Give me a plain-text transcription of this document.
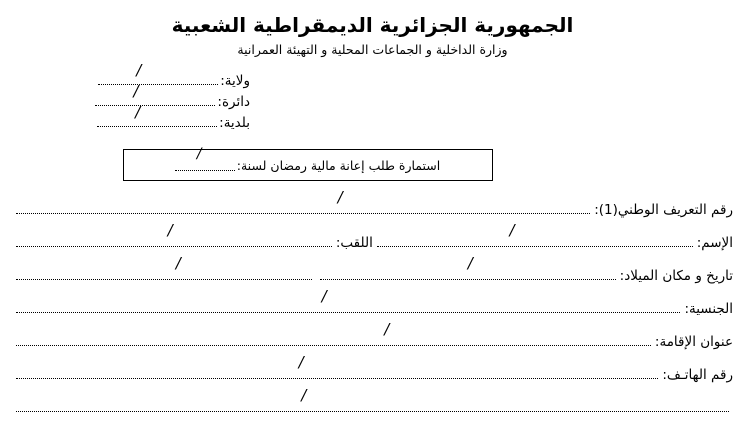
الجمهورية الجزائرية الديمقراطية الشعبية
وزارة الداخلية و الجماعات المحلية و التهيئة العمرانية
ولاية:
/
دائرة:
/
بلدية:
/
استمارة طلب إعانة مالية رمضان لسنة:
/
رقم التعريف الوطني(1):
/
الإسم:
/
اللقب:
/
تاريخ و مكان الميلاد:
/
/
الجنسية:
/
عنوان الإقامة:
/
رقم الهاتـف:
/
/
